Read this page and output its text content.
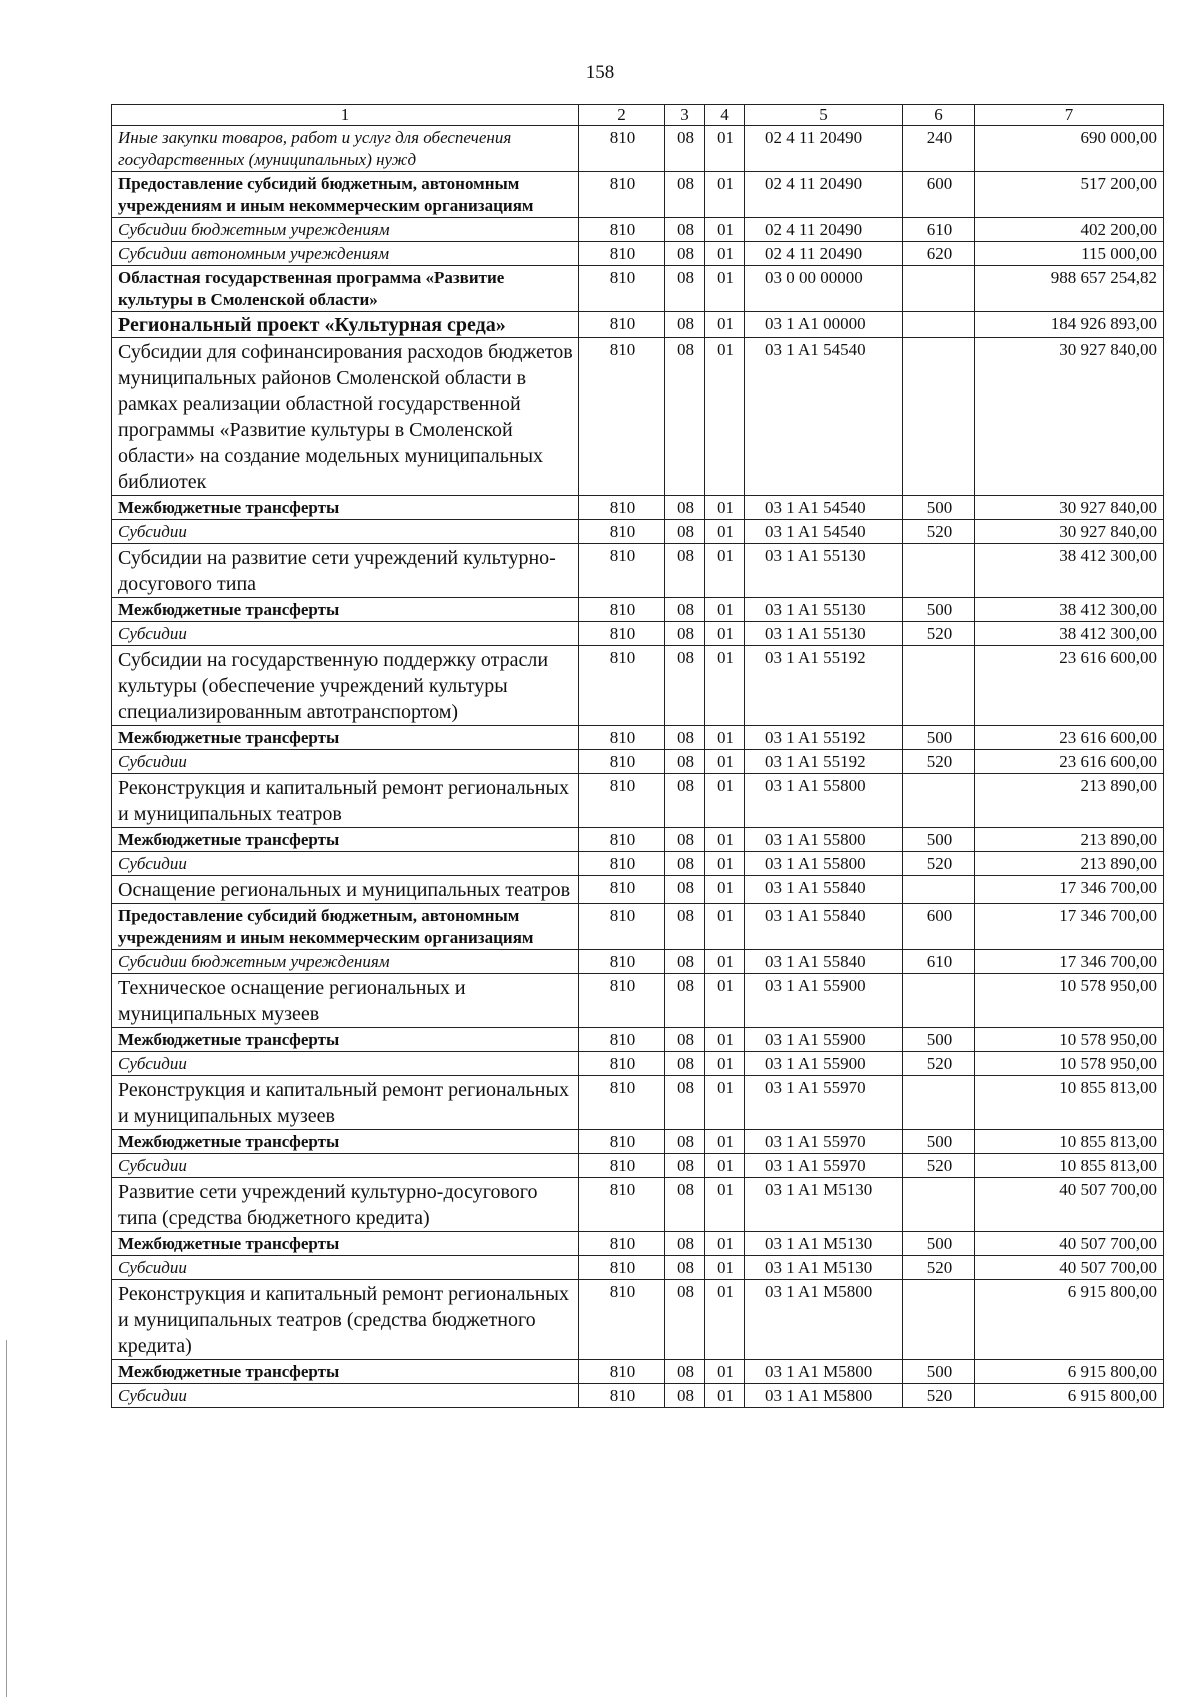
158
1	2	3	4	5	6	7
Иные закупки товаров, работ и услуг для обеспечения государственных (муниципальных) нужд	810	08	01	02 4 11 20490	240	690 000,00
Предоставление субсидий бюджетным, автономным учреждениям и иным некоммерческим организациям	810	08	01	02 4 11 20490	600	517 200,00
Субсидии бюджетным учреждениям	810	08	01	02 4 11 20490	610	402 200,00
Субсидии автономным учреждениям	810	08	01	02 4 11 20490	620	115 000,00
Областная государственная программа «Развитие культуры в Смоленской области»	810	08	01	03 0 00 00000		988 657 254,82
Региональный проект «Культурная среда»	810	08	01	03 1 A1 00000		184 926 893,00
Субсидии для софинансирования расходов бюджетов муниципальных районов Смоленской области в рамках реализации областной государственной программы «Развитие культуры в Смоленской области» на создание модельных муниципальных библиотек	810	08	01	03 1 A1 54540		30 927 840,00
Межбюджетные трансферты	810	08	01	03 1 A1 54540	500	30 927 840,00
Субсидии	810	08	01	03 1 A1 54540	520	30 927 840,00
Субсидии на развитие сети учреждений культурно-досугового типа	810	08	01	03 1 A1 55130		38 412 300,00
Межбюджетные трансферты	810	08	01	03 1 A1 55130	500	38 412 300,00
Субсидии	810	08	01	03 1 A1 55130	520	38 412 300,00
Субсидии на государственную поддержку отрасли культуры (обеспечение учреждений культуры специализированным автотранспортом)	810	08	01	03 1 A1 55192		23 616 600,00
Межбюджетные трансферты	810	08	01	03 1 A1 55192	500	23 616 600,00
Субсидии	810	08	01	03 1 A1 55192	520	23 616 600,00
Реконструкция и капитальный ремонт региональных и муниципальных театров	810	08	01	03 1 A1 55800		213 890,00
Межбюджетные трансферты	810	08	01	03 1 A1 55800	500	213 890,00
Субсидии	810	08	01	03 1 A1 55800	520	213 890,00
Оснащение региональных и муниципальных театров	810	08	01	03 1 A1 55840		17 346 700,00
Предоставление субсидий бюджетным, автономным учреждениям и иным некоммерческим организациям	810	08	01	03 1 A1 55840	600	17 346 700,00
Субсидии бюджетным учреждениям	810	08	01	03 1 A1 55840	610	17 346 700,00
Техническое оснащение региональных и муниципальных музеев	810	08	01	03 1 A1 55900		10 578 950,00
Межбюджетные трансферты	810	08	01	03 1 A1 55900	500	10 578 950,00
Субсидии	810	08	01	03 1 A1 55900	520	10 578 950,00
Реконструкция и капитальный ремонт региональных и муниципальных музеев	810	08	01	03 1 A1 55970		10 855 813,00
Межбюджетные трансферты	810	08	01	03 1 A1 55970	500	10 855 813,00
Субсидии	810	08	01	03 1 A1 55970	520	10 855 813,00
Развитие сети учреждений культурно-досугового типа (средства бюджетного кредита)	810	08	01	03 1 A1 M5130		40 507 700,00
Межбюджетные трансферты	810	08	01	03 1 A1 M5130	500	40 507 700,00
Субсидии	810	08	01	03 1 A1 M5130	520	40 507 700,00
Реконструкция и капитальный ремонт региональных и муниципальных театров (средства бюджетного кредита)	810	08	01	03 1 A1 M5800		6 915 800,00
Межбюджетные трансферты	810	08	01	03 1 A1 M5800	500	6 915 800,00
Субсидии	810	08	01	03 1 A1 M5800	520	6 915 800,00
